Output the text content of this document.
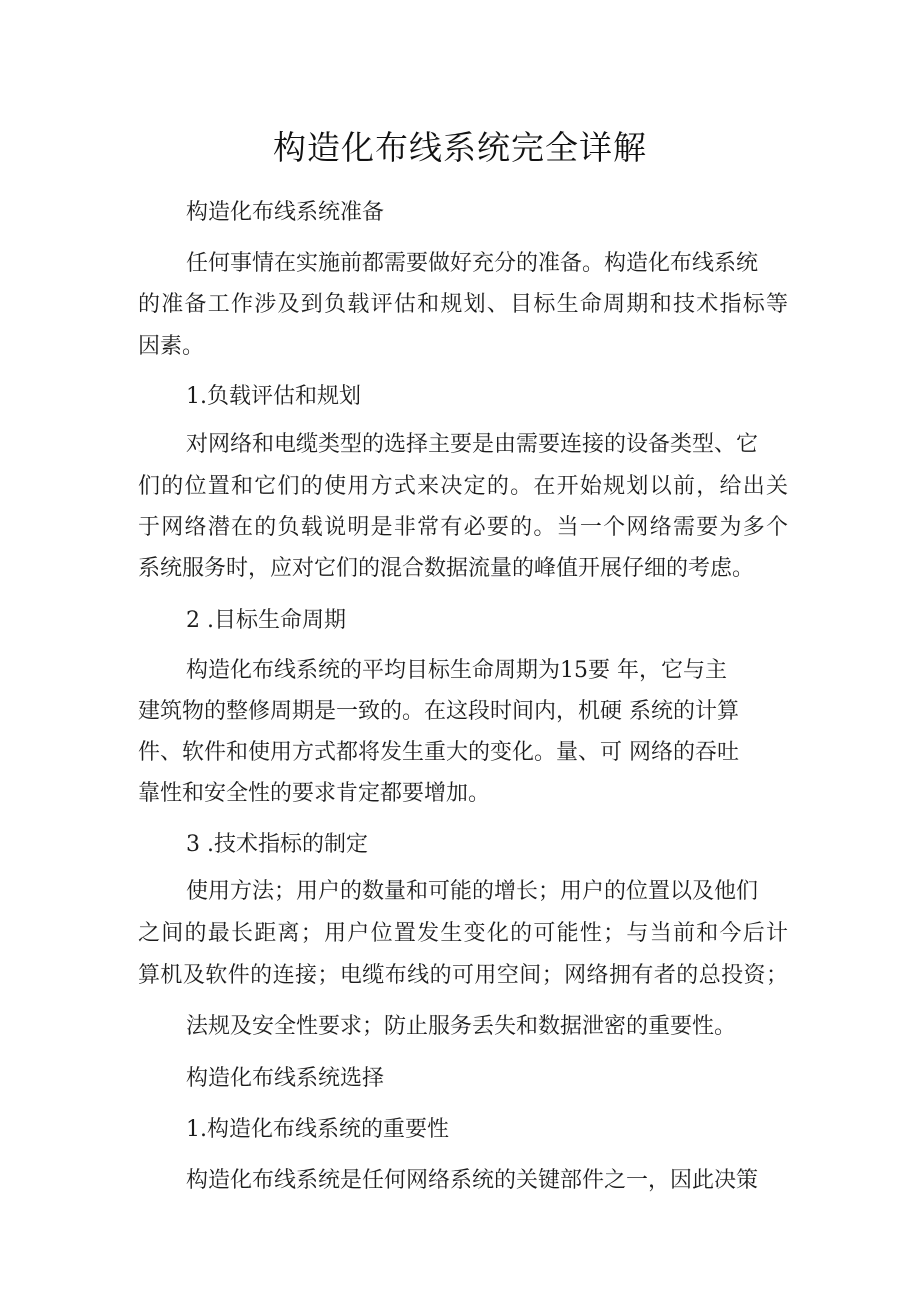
构造化布线系统完全详解
构造化布线系统准备
任何事情在实施前都需要做好充分的准备。构造化布线系统
的准备工作涉及到负载评估和规划、目标生命周期和技术指标等
因素。
1.负载评估和规划
对网络和电缆类型的选择主要是由需要连接的设备类型、它
们的位置和它们的使用方式来决定的。在开始规划以前，给出关
于网络潜在的负载说明是非常有必要的。当一个网络需要为多个
系统服务时，应对它们的混合数据流量的峰值开展仔细的考虑。
2 .目标生命周期
构造化布线系统的平均目标生命周期为15要 年，它与主
建筑物的整修周期是一致的。在这段时间内，机硬 系统的计算
件、软件和使用方式都将发生重大的变化。量、可 网络的吞吐
靠性和安全性的要求肯定都要增加。
3 .技术指标的制定
使用方法；用户的数量和可能的增长；用户的位置以及他们
之间的最长距离；用户位置发生变化的可能性；与当前和今后计
算机及软件的连接；电缆布线的可用空间；网络拥有者的总投资；
法规及安全性要求；防止服务丢失和数据泄密的重要性。
构造化布线系统选择
1.构造化布线系统的重要性
构造化布线系统是任何网络系统的关键部件之一，因此决策
